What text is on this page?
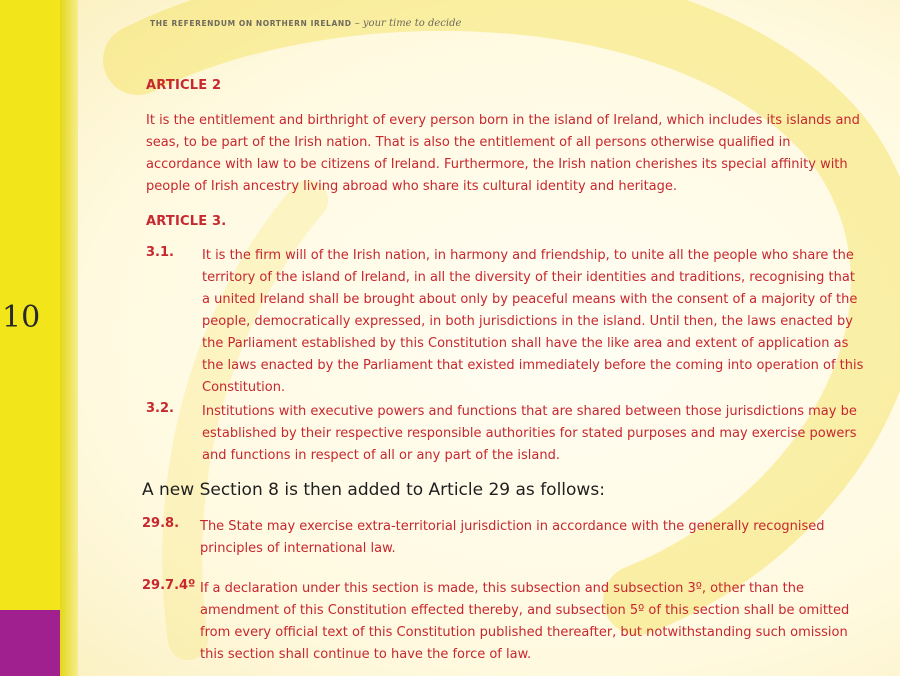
10
THE REFERENDUM ON NORTHERN IRELAND – your time to decide
ARTICLE 2
It is the entitlement and birthright of every person born in the island of Ireland, which includes its islands and seas, to be part of the Irish nation. That is also the entitlement of all persons otherwise qualified in accordance with law to be citizens of Ireland. Furthermore, the Irish nation cherishes its special affinity with people of Irish ancestry living abroad who share its cultural identity and heritage.
ARTICLE 3.
3.1. It is the firm will of the Irish nation, in harmony and friendship, to unite all the people who share the territory of the island of Ireland, in all the diversity of their identities and traditions, recognising that a united Ireland shall be brought about only by peaceful means with the consent of a majority of the people, democratically expressed, in both jurisdictions in the island. Until then, the laws enacted by the Parliament established by this Constitution shall have the like area and extent of application as the laws enacted by the Parliament that existed immediately before the coming into operation of this Constitution.
3.2. Institutions with executive powers and functions that are shared between those jurisdictions may be established by their respective responsible authorities for stated purposes and may exercise powers and functions in respect of all or any part of the island.
A new Section 8 is then added to Article 29 as follows:
29.8. The State may exercise extra-territorial jurisdiction in accordance with the generally recognised principles of international law.
29.7.4º If a declaration under this section is made, this subsection and subsection 3º, other than the amendment of this Constitution effected thereby, and subsection 5º of this section shall be omitted from every official text of this Constitution published thereafter, but notwithstanding such omission this section shall continue to have the force of law.
